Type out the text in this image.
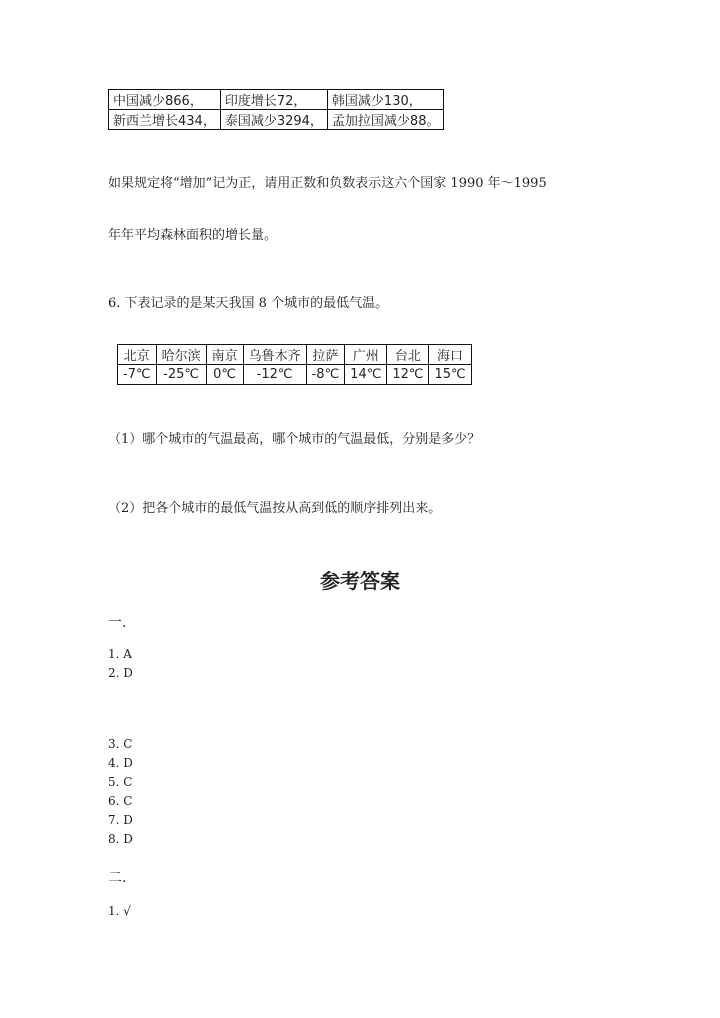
中国减少866，	印度增长72，	韩国减少130，
新西兰增长434，	泰国减少3294，	孟加拉国减少88。
如果规定将“增加”记为正，请用正数和负数表示这六个国家 1990 年～1995
年年平均森林面积的增长量。
6. 下表记录的是某天我国 8 个城市的最低气温。
北京	哈尔滨	南京	乌鲁木齐	拉萨	广州	台北	海口
-7℃	-25℃	0℃	-12℃	-8℃	14℃	12℃	15℃
（1）哪个城市的气温最高，哪个城市的气温最低，分别是多少？
（2）把各个城市的最低气温按从高到低的顺序排列出来。
参考答案
一.
1. A
2. D
3. C
4. D
5. C
6. C
7. D
8. D
二.
1. √
